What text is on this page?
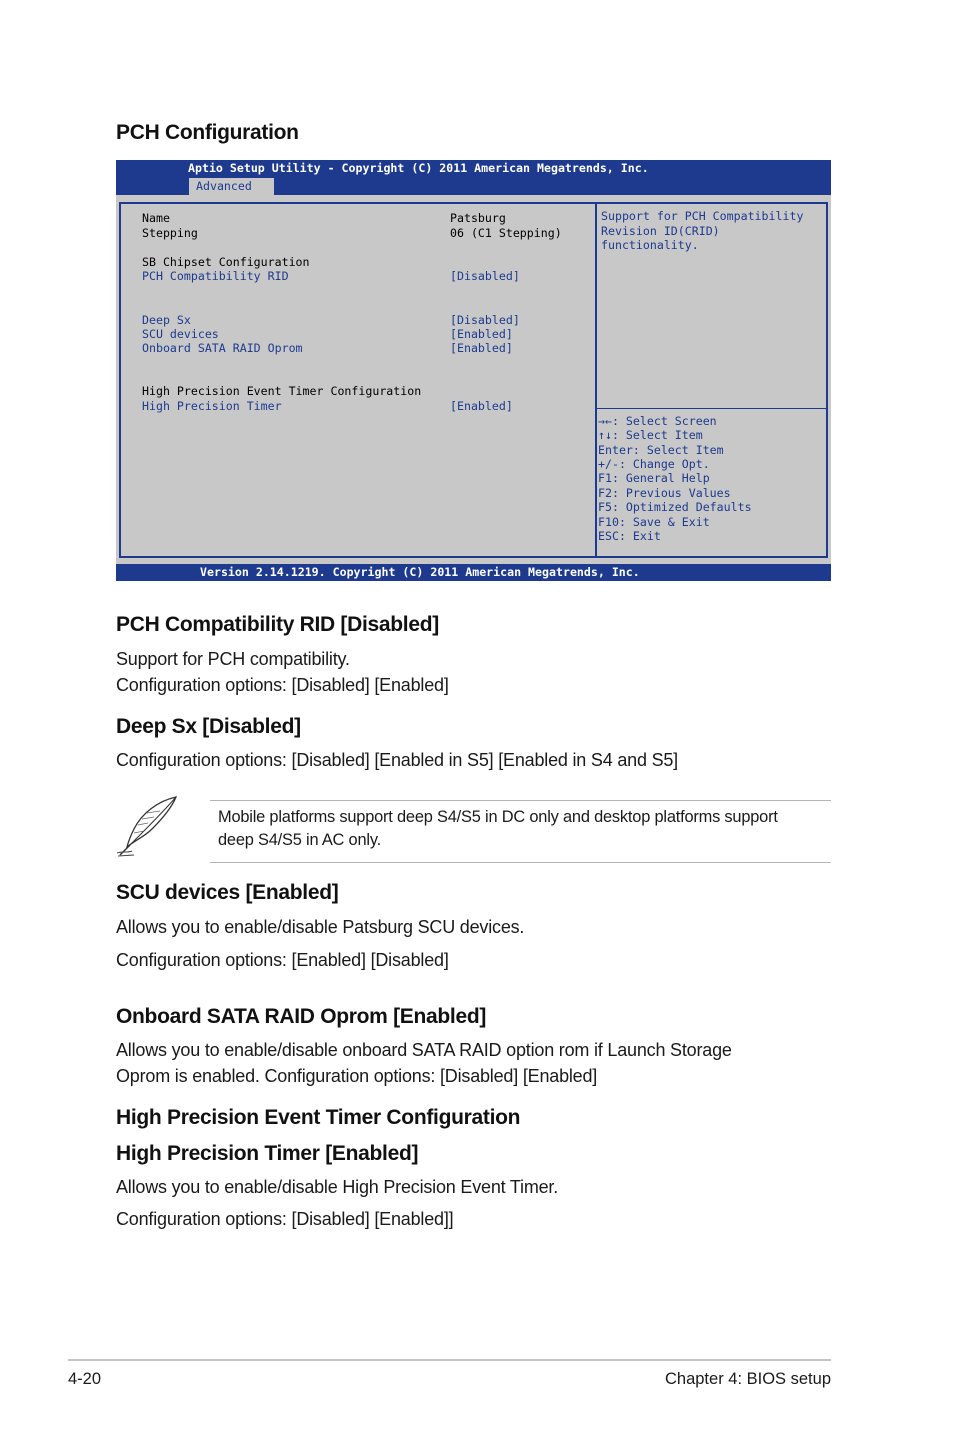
PCH Configuration
Aptio Setup Utility - Copyright (C) 2011 American Megatrends, Inc.
Advanced
Name	Patsburg
Stepping	06 (C1 Stepping)
SB Chipset Configuration
PCH Compatibility RID	[Disabled]
Deep Sx	[Disabled]
SCU devices	[Enabled]
Onboard SATA RAID Oprom	[Enabled]
High Precision Event Timer Configuration
High Precision Timer	[Enabled]
Support for PCH Compatibility
Revision ID(CRID)
functionality.
→←: Select Screen
↑↓: Select Item
Enter: Select Item
+/-: Change Opt.
F1: General Help
F2: Previous Values
F5: Optimized Defaults
F10: Save & Exit
ESC: Exit
Version 2.14.1219. Copyright (C) 2011 American Megatrends, Inc.
PCH Compatibility RID [Disabled]
Support for PCH compatibility.
Configuration options: [Disabled] [Enabled]
Deep Sx [Disabled]
Configuration options: [Disabled] [Enabled in S5] [Enabled in S4 and S5]
Mobile platforms support deep S4/S5 in DC only and desktop platforms support
deep S4/S5 in AC only.
SCU devices [Enabled]
Allows you to enable/disable Patsburg SCU devices.
Configuration options: [Enabled] [Disabled]
Onboard SATA RAID Oprom [Enabled]
Allows you to enable/disable onboard SATA RAID option rom if Launch Storage
Oprom is enabled. Configuration options: [Disabled] [Enabled]
High Precision Event Timer Configuration
High Precision Timer [Enabled]
Allows you to enable/disable High Precision Event Timer.
Configuration options: [Disabled] [Enabled]]
4-20	Chapter 4: BIOS setup
